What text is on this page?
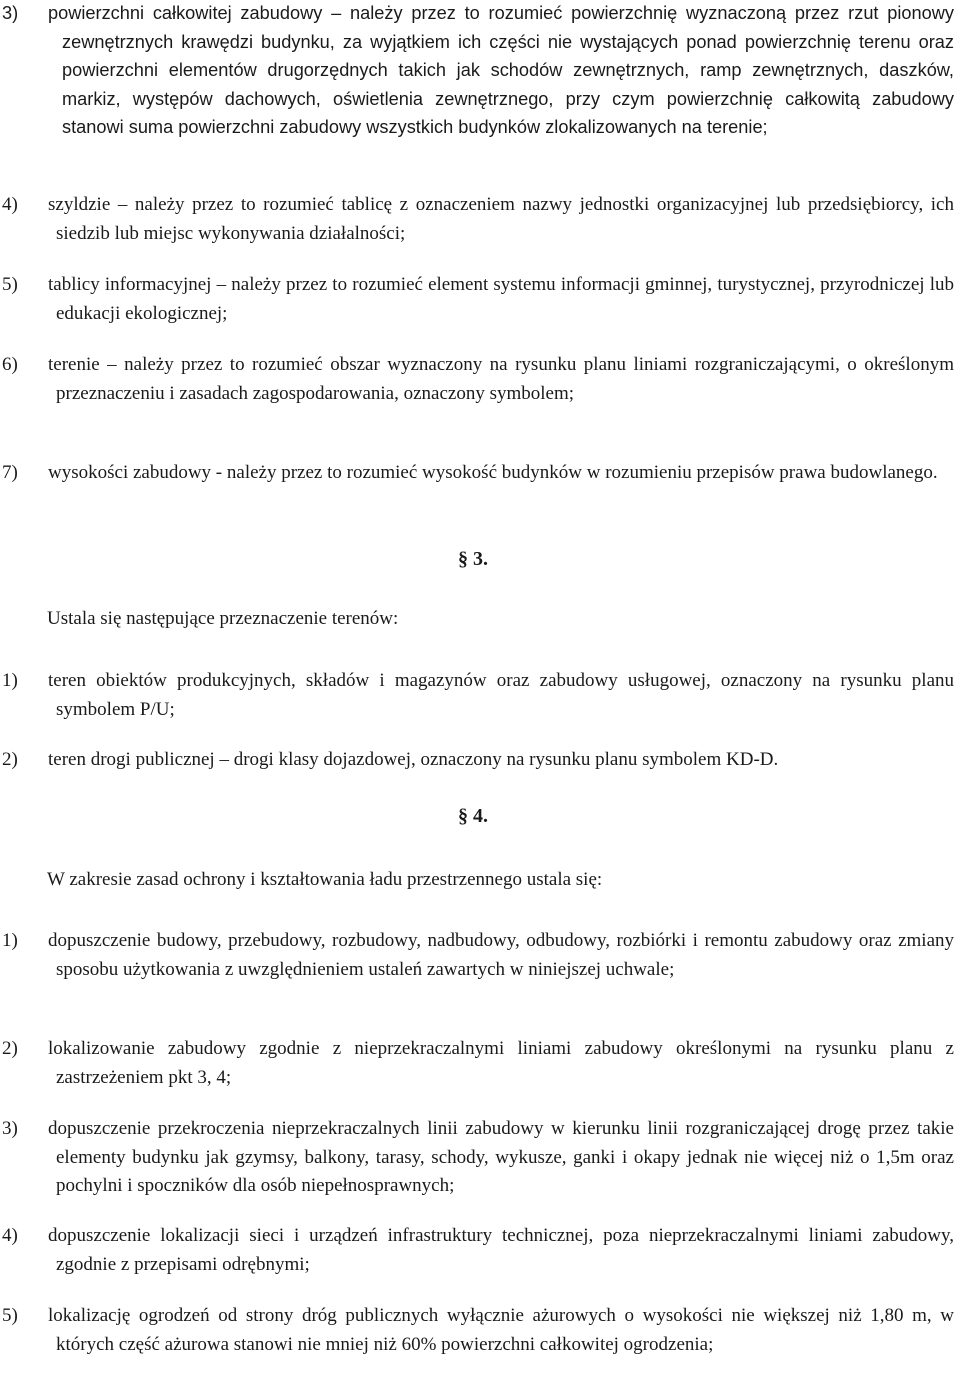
3) powierzchni całkowitej zabudowy – należy przez to rozumieć powierzchnię wyznaczoną przez rzut pionowy zewnętrznych krawędzi budynku, za wyjątkiem ich części nie wystających ponad powierzchnię terenu oraz powierzchni elementów drugorzędnych takich jak schodów zewnętrznych, ramp zewnętrznych, daszków, markiz, występów dachowych, oświetlenia zewnętrznego, przy czym powierzchnię całkowitą zabudowy stanowi suma powierzchni zabudowy wszystkich budynków zlokalizowanych na terenie;
4) szyldzie – należy przez to rozumieć tablicę z oznaczeniem nazwy jednostki organizacyjnej lub przedsiębiorcy, ich siedzib lub miejsc wykonywania działalności;
5) tablicy informacyjnej – należy przez to rozumieć element systemu informacji gminnej, turystycznej, przyrodniczej lub edukacji ekologicznej;
6) terenie – należy przez to rozumieć obszar wyznaczony na rysunku planu liniami rozgraniczającymi, o określonym przeznaczeniu i zasadach zagospodarowania, oznaczony symbolem;
7) wysokości zabudowy - należy przez to rozumieć wysokość budynków w rozumieniu przepisów prawa budowlanego.
§ 3.
Ustala się następujące przeznaczenie terenów:
1) teren obiektów produkcyjnych, składów i magazynów oraz zabudowy usługowej, oznaczony na rysunku planu symbolem P/U;
2) teren drogi publicznej – drogi klasy dojazdowej, oznaczony na rysunku planu symbolem KD-D.
§ 4.
W zakresie zasad ochrony i kształtowania ładu przestrzennego ustala się:
1) dopuszczenie budowy, przebudowy, rozbudowy, nadbudowy, odbudowy, rozbiórki i remontu zabudowy oraz zmiany sposobu użytkowania z uwzględnieniem ustaleń zawartych w niniejszej uchwale;
2) lokalizowanie zabudowy zgodnie z nieprzekraczalnymi liniami zabudowy określonymi na rysunku planu z zastrzeżeniem pkt 3, 4;
3) dopuszczenie przekroczenia nieprzekraczalnych linii zabudowy w kierunku linii rozgraniczającej drogę przez takie elementy budynku jak gzymsy, balkony, tarasy, schody, wykusze, ganki i okapy jednak nie więcej niż o 1,5m oraz pochylni i spoczników dla osób niepełnosprawnych;
4) dopuszczenie lokalizacji sieci i urządzeń infrastruktury technicznej, poza nieprzekraczalnymi liniami zabudowy, zgodnie z przepisami odrębnymi;
5) lokalizację ogrodzeń od strony dróg publicznych wyłącznie ażurowych o wysokości nie większej niż 1,80 m, w których część ażurowa stanowi nie mniej niż 60% powierzchni całkowitej ogrodzenia;
